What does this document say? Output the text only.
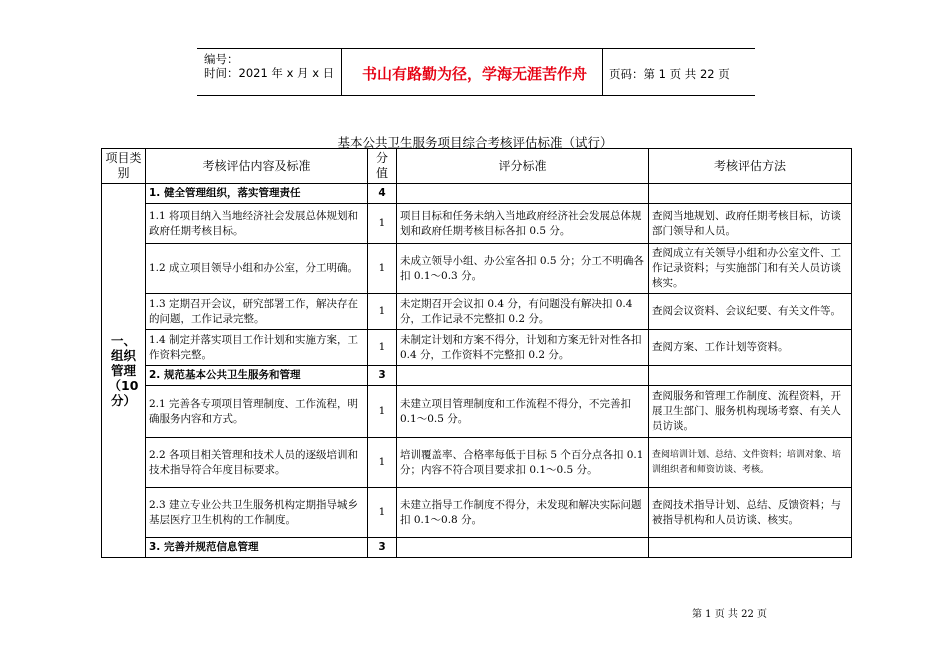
编号：
时间：2021 年 x 月 x 日	书山有路勤为径，学海无涯苦作舟	页码：第 1 页 共 22 页
基本公共卫生服务项目综合考核评估标准（试行）
项目类别	考核评估内容及标准	分值	评分标准	考核评估方法
一、组织管理（10分）	1. 健全管理组织，落实管理责任	4		
	1.1 将项目纳入当地经济社会发展总体规划和政府任期考核目标。	1	项目目标和任务未纳入当地政府经济社会发展总体规划和政府任期考核目标各扣 0.5 分。	查阅当地规划、政府任期考核目标，访谈部门领导和人员。
	1.2 成立项目领导小组和办公室，分工明确。	1	未成立领导小组、办公室各扣 0.5 分；分工不明确各扣 0.1～0.3 分。	查阅成立有关领导小组和办公室文件、工作记录资料；与实施部门和有关人员访谈核实。
	1.3 定期召开会议，研究部署工作，解决存在的问题，工作记录完整。	1	未定期召开会议扣 0.4 分，有问题没有解决扣 0.4 分，工作记录不完整扣 0.2 分。	查阅会议资料、会议纪要、有关文件等。
	1.4 制定并落实项目工作计划和实施方案，工作资料完整。	1	未制定计划和方案不得分，计划和方案无针对性各扣 0.4 分，工作资料不完整扣 0.2 分。	查阅方案、工作计划等资料。
	2. 规范基本公共卫生服务和管理	3		
	2.1 完善各专项项目管理制度、工作流程，明确服务内容和方式。	1	未建立项目管理制度和工作流程不得分，不完善扣 0.1～0.5 分。	查阅服务和管理工作制度、流程资料，开展卫生部门、服务机构现场考察、有关人员访谈。
	2.2 各项目相关管理和技术人员的逐级培训和技术指导符合年度目标要求。	1	培训覆盖率、合格率每低于目标 5 个百分点各扣 0.1 分；内容不符合项目要求扣 0.1～0.5 分。	查阅培训计划、总结、文件资料；培训对象、培训组织者和师资访谈、考核。
	2.3 建立专业公共卫生服务机构定期指导城乡基层医疗卫生机构的工作制度。	1	未建立指导工作制度不得分，未发现和解决实际问题扣 0.1～0.8 分。	查阅技术指导计划、总结、反馈资料；与被指导机构和人员访谈、核实。
	3. 完善并规范信息管理	3		
第 1 页 共 22 页
